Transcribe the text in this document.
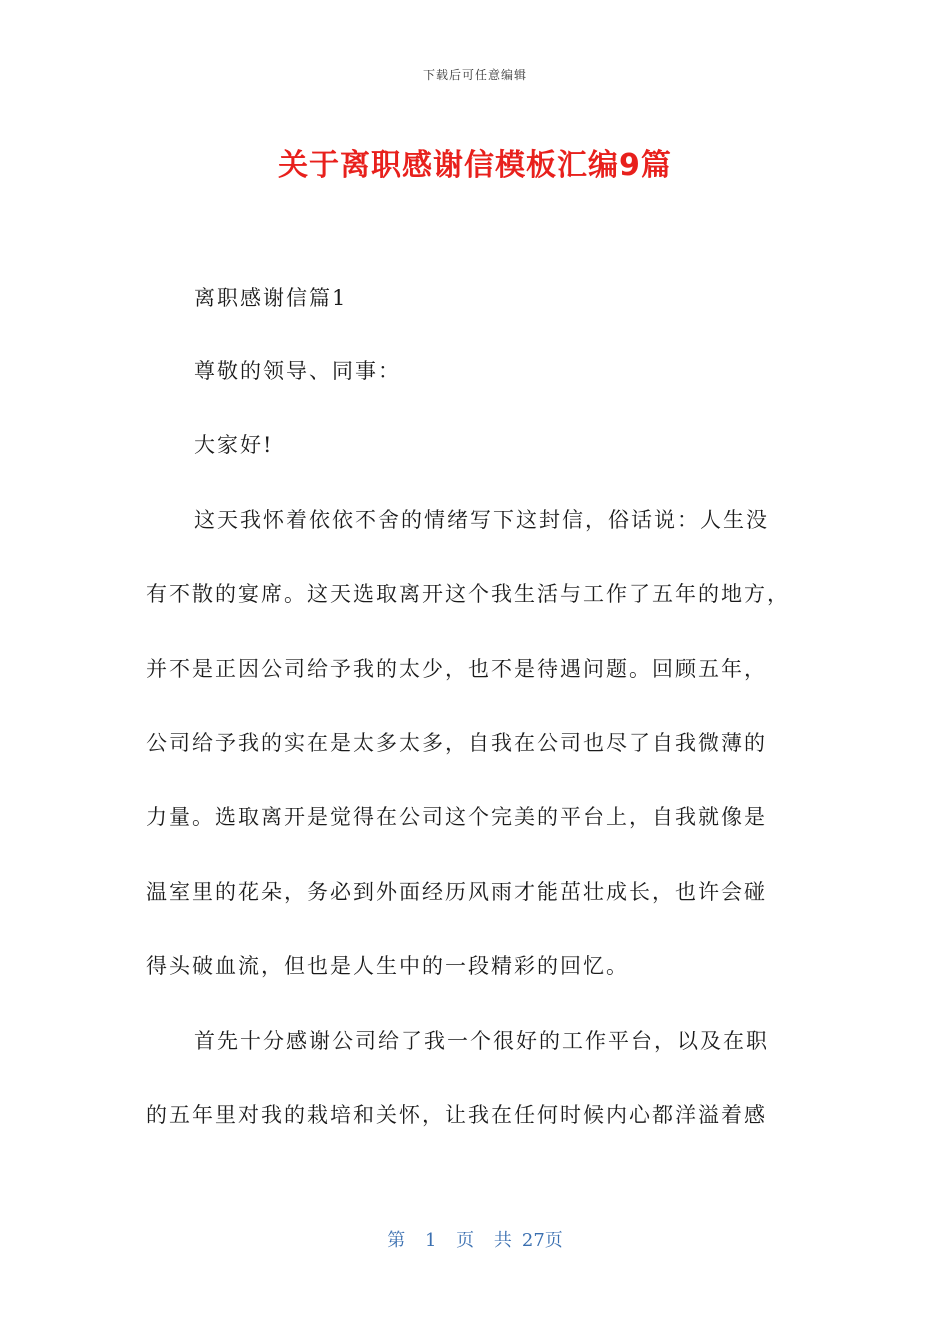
下载后可任意编辑
关于离职感谢信模板汇编9篇
离职感谢信篇1
尊敬的领导、同事：
大家好!
这天我怀着依依不舍的情绪写下这封信，俗话说：人生没
有不散的宴席。这天选取离开这个我生活与工作了五年的地方，
并不是正因公司给予我的太少，也不是待遇问题。回顾五年，
公司给予我的实在是太多太多，自我在公司也尽了自我微薄的
力量。选取离开是觉得在公司这个完美的平台上，自我就像是
温室里的花朵，务必到外面经历风雨才能茁壮成长，也许会碰
得头破血流，但也是人生中的一段精彩的回忆。
首先十分感谢公司给了我一个很好的工作平台，以及在职
的五年里对我的栽培和关怀，让我在任何时候内心都洋溢着感
第 1 页 共 27页
